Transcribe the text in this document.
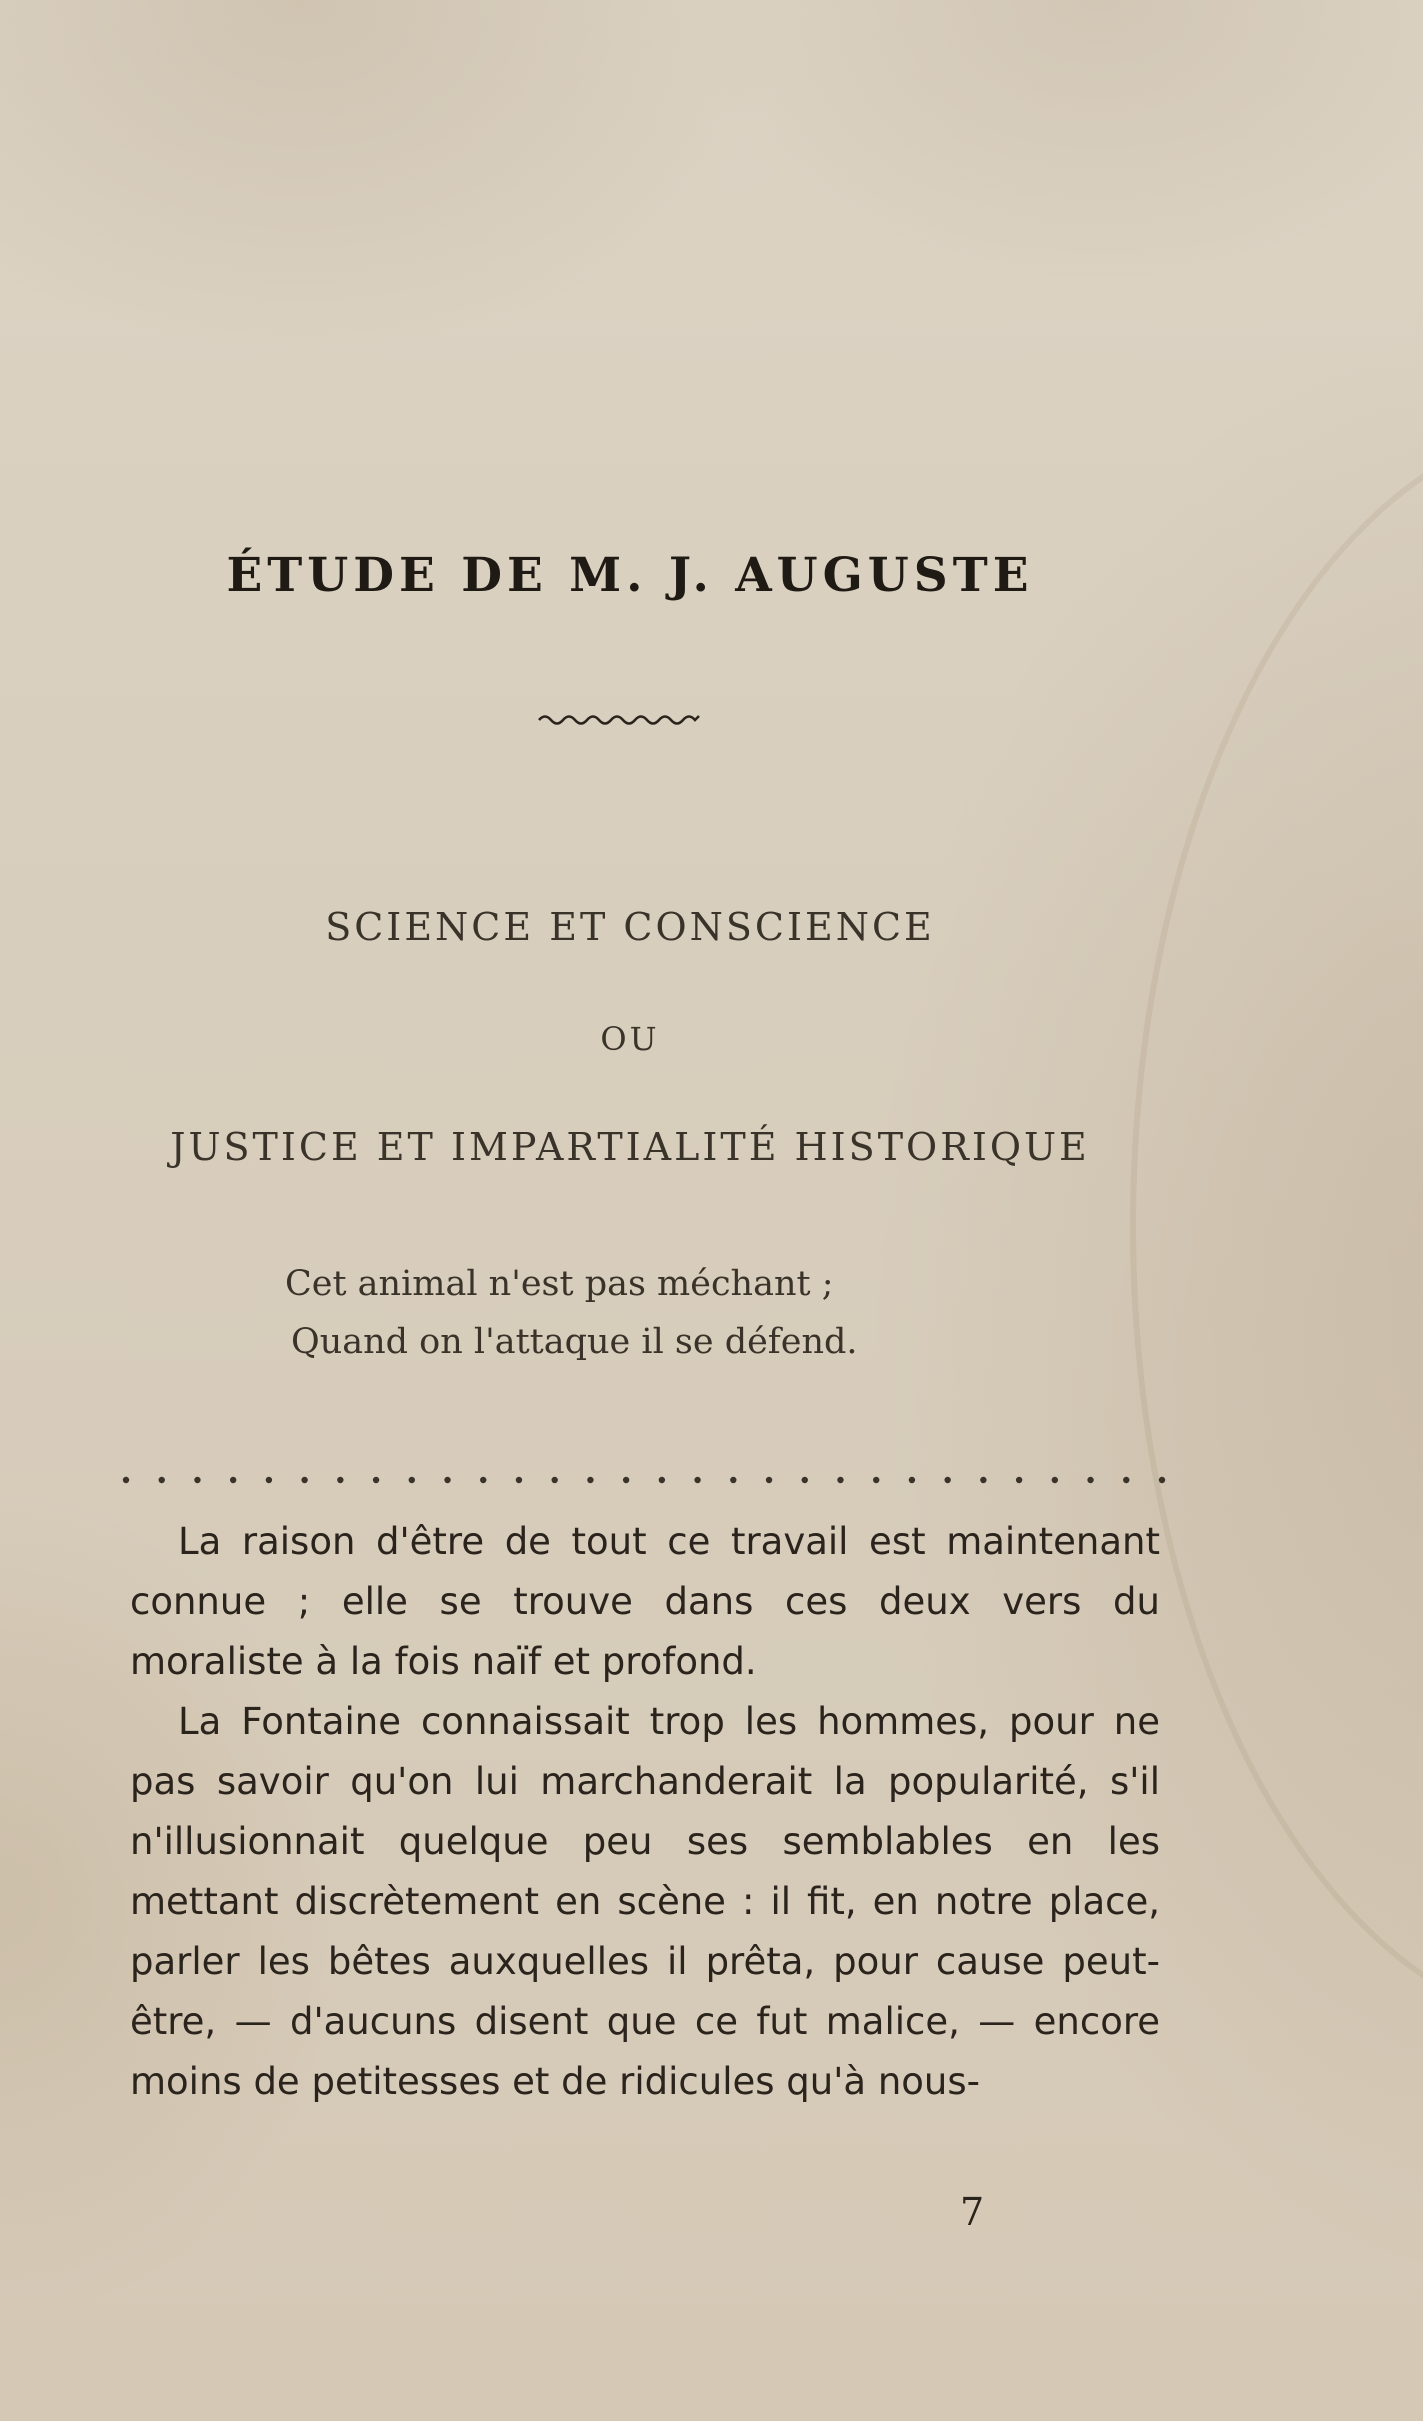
ÉTUDE DE M. J. AUGUSTE
SCIENCE ET CONSCIENCE
OU
JUSTICE ET IMPARTIALITÉ HISTORIQUE
Cet animal n'est pas méchant ;
Quand on l'attaque il se défend.

La raison d'être de tout ce travail est maintenant connue ; elle se trouve dans ces deux vers du moraliste à la fois naïf et profond.

La Fontaine connaissait trop les hommes, pour ne pas savoir qu'on lui marchanderait la popularité, s'il n'illusionnait quelque peu ses semblables en les mettant discrètement en scène : il fit, en notre place, parler les bêtes auxquelles il prêta, pour cause peut-être, — d'aucuns disent que ce fut malice, — encore moins de petitesses et de ridicules qu'à nous-

7
